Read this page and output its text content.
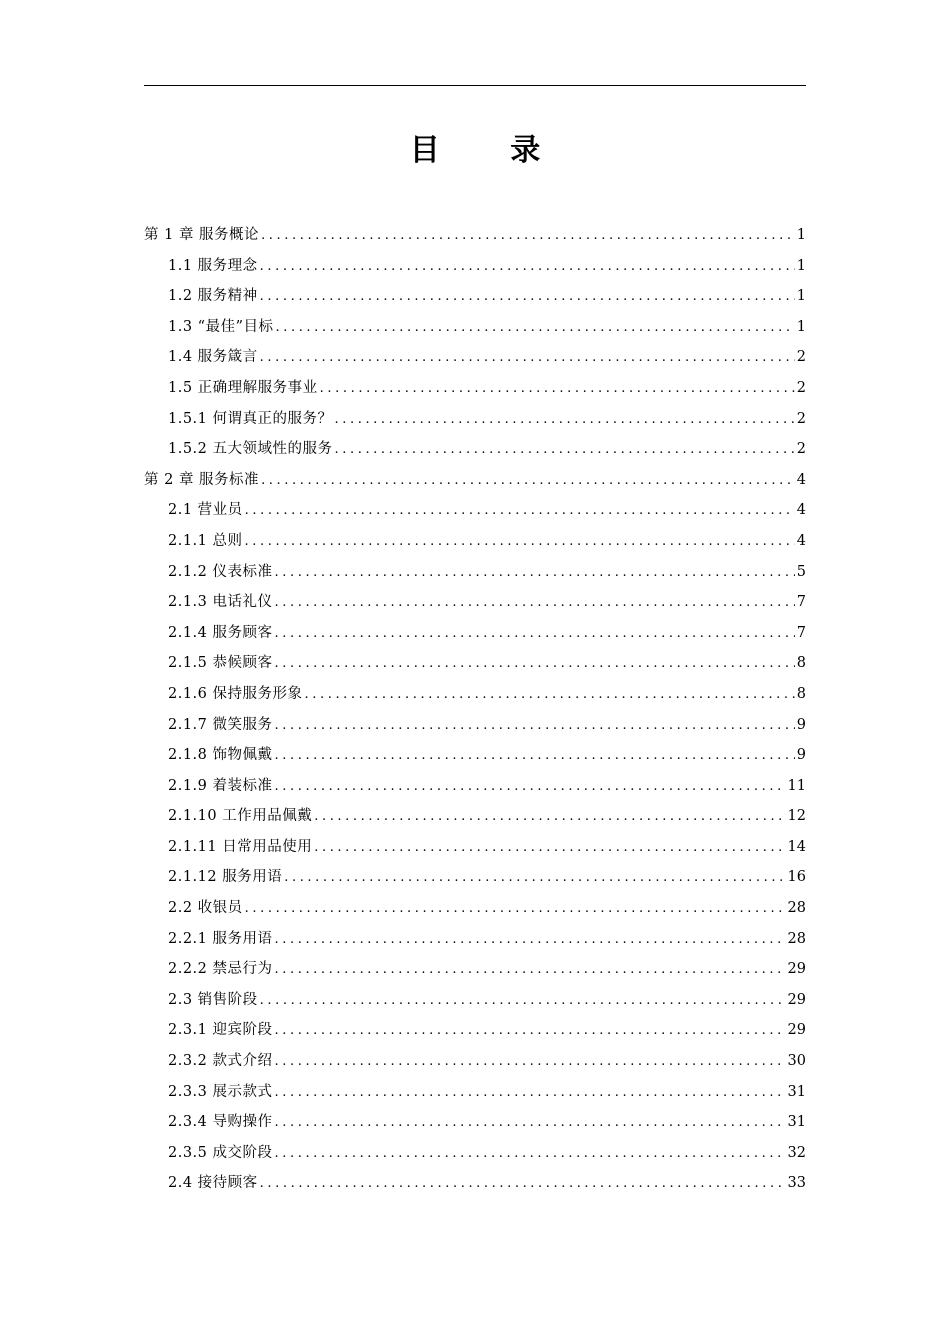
目 录
第 1 章 服务概论 .....	1
1.1 服务理念 .....	1
1.2 服务精神 .....	1
1.3 “最佳”目标 .....	1
1.4 服务箴言 .....	2
1.5 正确理解服务事业 .....	2
1.5.1 何谓真正的服务？ .....	2
1.5.2 五大领域性的服务 .....	2
第 2 章 服务标准 .....	4
2.1 营业员 .....	4
2.1.1 总则 .....	4
2.1.2 仪表标准 .....	5
2.1.3 电话礼仪 .....	7
2.1.4 服务顾客 .....	7
2.1.5 恭候顾客 .....	8
2.1.6 保持服务形象 .....	8
2.1.7 微笑服务 .....	9
2.1.8 饰物佩戴 .....	9
2.1.9 着装标准 .....	11
2.1.10 工作用品佩戴 .....	12
2.1.11 日常用品使用 .....	14
2.1.12 服务用语 .....	16
2.2 收银员 .....	28
2.2.1 服务用语 .....	28
2.2.2 禁忌行为 .....	29
2.3 销售阶段 .....	29
2.3.1 迎宾阶段 .....	29
2.3.2 款式介绍 .....	30
2.3.3 展示款式 .....	31
2.3.4 导购操作 .....	31
2.3.5 成交阶段 .....	32
2.4 接待顾客 .....	33
